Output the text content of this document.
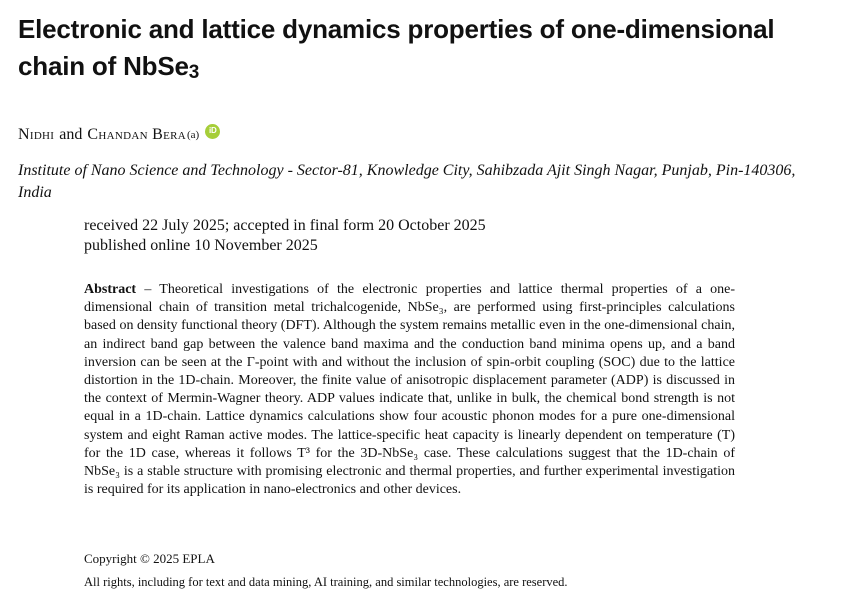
Electronic and lattice dynamics properties of one-dimensional chain of NbSe3
Nidhi and Chandan Bera (a)	iD
Institute of Nano Science and Technology - Sector-81, Knowledge City, Sahibzada Ajit Singh Nagar, Punjab, Pin-140306, India
received 22 July 2025; accepted in final form 20 October 2025
published online 10 November 2025
Abstract – Theoretical investigations of the electronic properties and lattice thermal properties of a one-dimensional chain of transition metal trichalcogenide, NbSe₃, are performed using first-principles calculations based on density functional theory (DFT). Although the system remains metallic even in the one-dimensional chain, an indirect band gap between the valence band maxima and the conduction band minima opens up, and a band inversion can be seen at the Γ-point with and without the inclusion of spin-orbit coupling (SOC) due to the lattice distortion in the 1D-chain. Moreover, the finite value of anisotropic displacement parameter (ADP) is discussed in the context of Mermin-Wagner theory. ADP values indicate that, unlike in bulk, the chemical bond strength is not equal in a 1D-chain. Lattice dynamics calculations show four acoustic phonon modes for a pure one-dimensional system and eight Raman active modes. The lattice-specific heat capacity is linearly dependent on temperature (T) for the 1D case, whereas it follows T³ for the 3D-NbSe₃ case. These calculations suggest that the 1D-chain of NbSe₃ is a stable structure with promising electronic and thermal properties, and further experimental investigation is required for its application in nano-electronics and other devices.
Copyright © 2025 EPLA
All rights, including for text and data mining, AI training, and similar technologies, are reserved.
